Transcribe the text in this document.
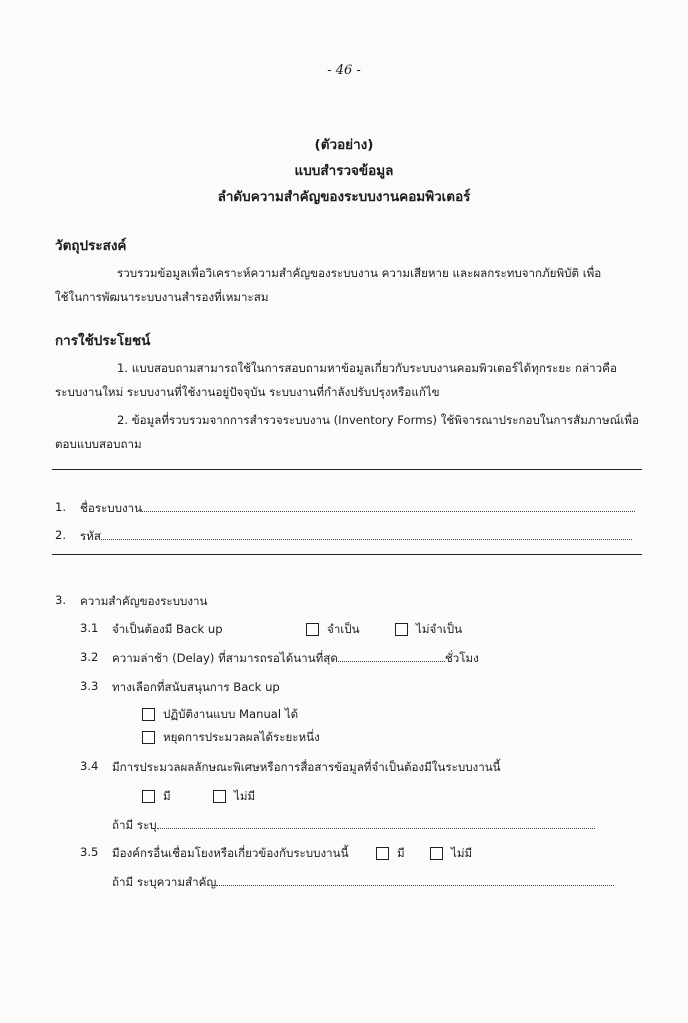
- 46 -
(ตัวอย่าง)
แบบสำรวจข้อมูล
ลำดับความสำคัญของระบบงานคอมพิวเตอร์
วัตถุประสงค์
รวบรวมข้อมูลเพื่อวิเคราะห์ความสำคัญของระบบงาน ความเสียหาย และผลกระทบจากภัยพิบัติ เพื่อ
ใช้ในการพัฒนาระบบงานสำรองที่เหมาะสม
การใช้ประโยชน์
1. แบบสอบถามสามารถใช้ในการสอบถามหาข้อมูลเกี่ยวกับระบบงานคอมพิวเตอร์ได้ทุกระยะ กล่าวคือ
ระบบงานใหม่ ระบบงานที่ใช้งานอยู่ปัจจุบัน ระบบงานที่กำลังปรับปรุงหรือแก้ไข
2. ข้อมูลที่รวบรวมจากการสำรวจระบบงาน (Inventory Forms) ใช้พิจารณาประกอบในการสัมภาษณ์เพื่อ
ตอบแบบสอบถาม
1. ชื่อระบบงาน
2. รหัส
3. ความสำคัญของระบบงาน
3.1 จำเป็นต้องมี Back up	จำเป็น	ไม่จำเป็น
3.2 ความล่าช้า (Delay) ที่สามารถรอได้นานที่สุด	ชั่วโมง
3.3 ทางเลือกที่สนับสนุนการ Back up
ปฏิบัติงานแบบ Manual ได้
หยุดการประมวลผลได้ระยะหนึ่ง
3.4 มีการประมวลผลลักษณะพิเศษหรือการสื่อสารข้อมูลที่จำเป็นต้องมีในระบบงานนี้
มี	ไม่มี
ถ้ามี ระบุ
3.5 มีองค์กรอื่นเชื่อมโยงหรือเกี่ยวข้องกับระบบงานนี้	มี	ไม่มี
ถ้ามี ระบุความสำคัญ
